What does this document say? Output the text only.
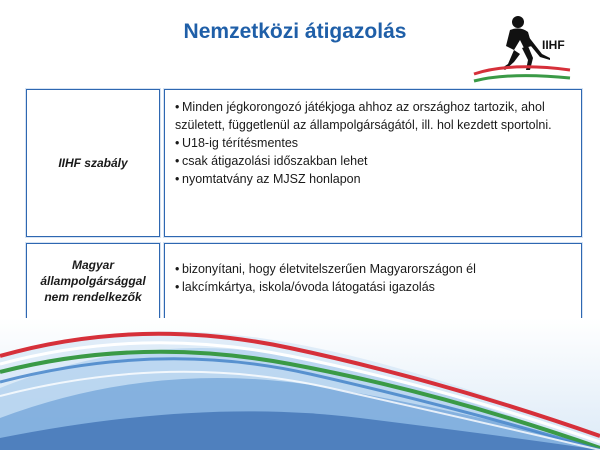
Nemzetközi átigazolás
IIHF
IIHF szabály
• Minden jégkorongozó játékjoga ahhoz az országhoz tartozik, ahol született, függetlenül az állampolgárságától, ill. hol kezdett sportolni.
• U18-ig térítésmentes
• csak átigazolási időszakban lehet
• nyomtatvány az MJSZ honlapon
Magyar állampolgársággal nem rendelkezők
• bizonyítani, hogy életvitelszerűen Magyarországon él
• lakcímkártya, iskola/óvoda látogatási igazolás
